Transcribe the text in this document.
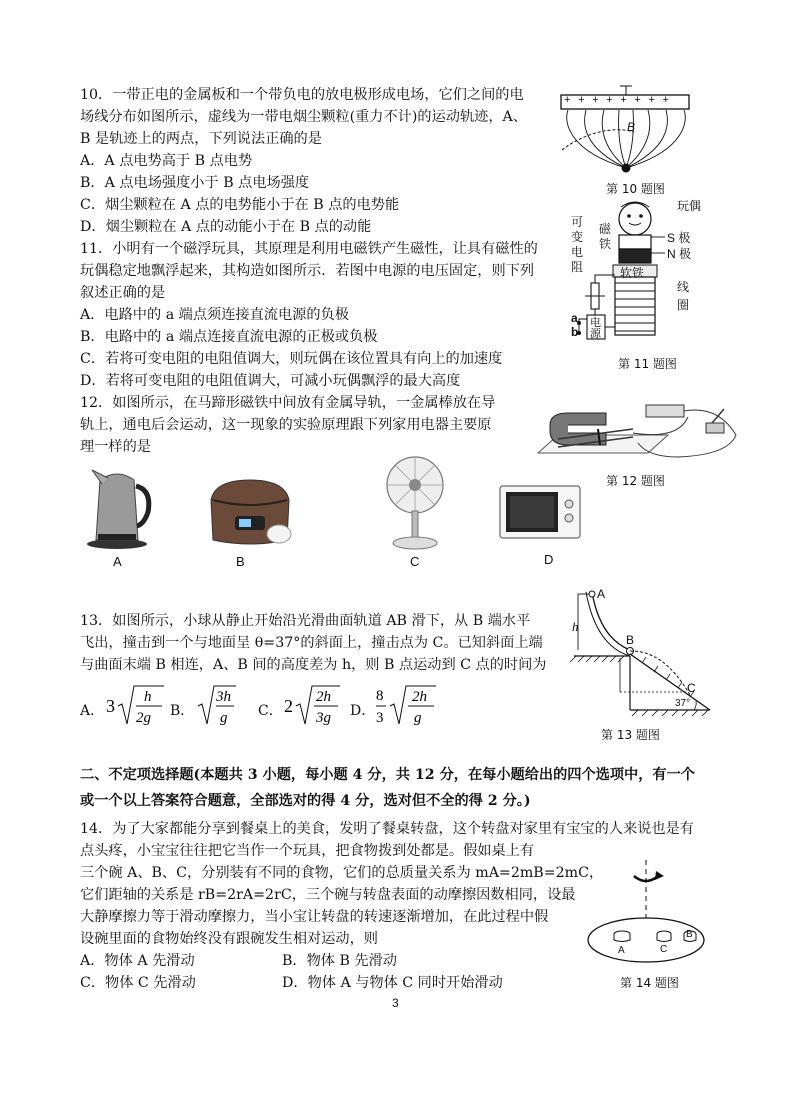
10．一带正电的金属板和一个带负电的放电极形成电场，它们之间的电
场线分布如图所示，虚线为一带电烟尘颗粒(重力不计)的运动轨迹，A、
B 是轨迹上的两点，下列说法正确的是
A．A 点电势高于 B 点电势
B．A 点电场强度小于 B 点电场强度
C．烟尘颗粒在 A 点的电势能小于在 B 点的电势能
D．烟尘颗粒在 A 点的动能小于在 B 点的动能
+ + + + + + + +
B
第 10 题图
11．小明有一个磁浮玩具，其原理是利用电磁铁产生磁性，让具有磁性的
玩偶稳定地飘浮起来，其构造如图所示．若图中电源的电压固定，则下列
叙述正确的是
A．电路中的 a 端点须连接直流电源的负极
B．电路中的 a 端点连接直流电源的正极或负极
C．若将可变电阻的电阻值调大，则玩偶在该位置具有向上的加速度
D．若将可变电阻的电阻值调大，可减小玩偶飘浮的最大高度
玩偶
S 极
N 极
磁铁
可变电阻	软铁
线圈
电源
a
b
第 11 题图
12．如图所示，在马蹄形磁铁中间放有金属导轨，一金属棒放在导
轨上，通电后会运动，这一现象的实验原理跟下列家用电器主要原
理一样的是
第 12 题图
A	B	C	D
13．如图所示，小球从静止开始沿光滑曲面轨道 AB 滑下，从 B 端水平
飞出，撞击到一个与地面呈 θ=37°的斜面上，撞击点为 C。已知斜面上端
与曲面末端 B 相连，A、B 间的高度差为 h，则 B 点运动到 C 点的时间为
A． 3 h
2g B．
3h
g C． 2 2h
3g D．
8
3
2h
g
A
B
C
h
37°
第 13 题图
二、不定项选择题(本题共 3 小题，每小题 4 分，共 12 分，在每小题给出的四个选项中，有一个
或一个以上答案符合题意，全部选对的得 4 分，选对但不全的得 2 分。)
14．为了大家都能分享到餐桌上的美食，发明了餐桌转盘，这个转盘对家里有宝宝的人来说也是有
点头疼，小宝宝往往把它当作一个玩具，把食物拨到处都是。假如桌上有
三个碗 A、B、C，分别装有不同的食物，它们的总质量关系为 mA=2mB=2mC，
它们距轴的关系是 rB=2rA=2rC，三个碗与转盘表面的动摩擦因数相同，设最
大静摩擦力等于滑动摩擦力，当小宝让转盘的转速逐渐增加，在此过程中假
设碗里面的食物始终没有跟碗发生相对运动，则
A．物体 A 先滑动	B．物体 B 先滑动
C．物体 C 先滑动	D．物体 A 与物体 C 同时开始滑动
A	C
B
第 14 题图
3
